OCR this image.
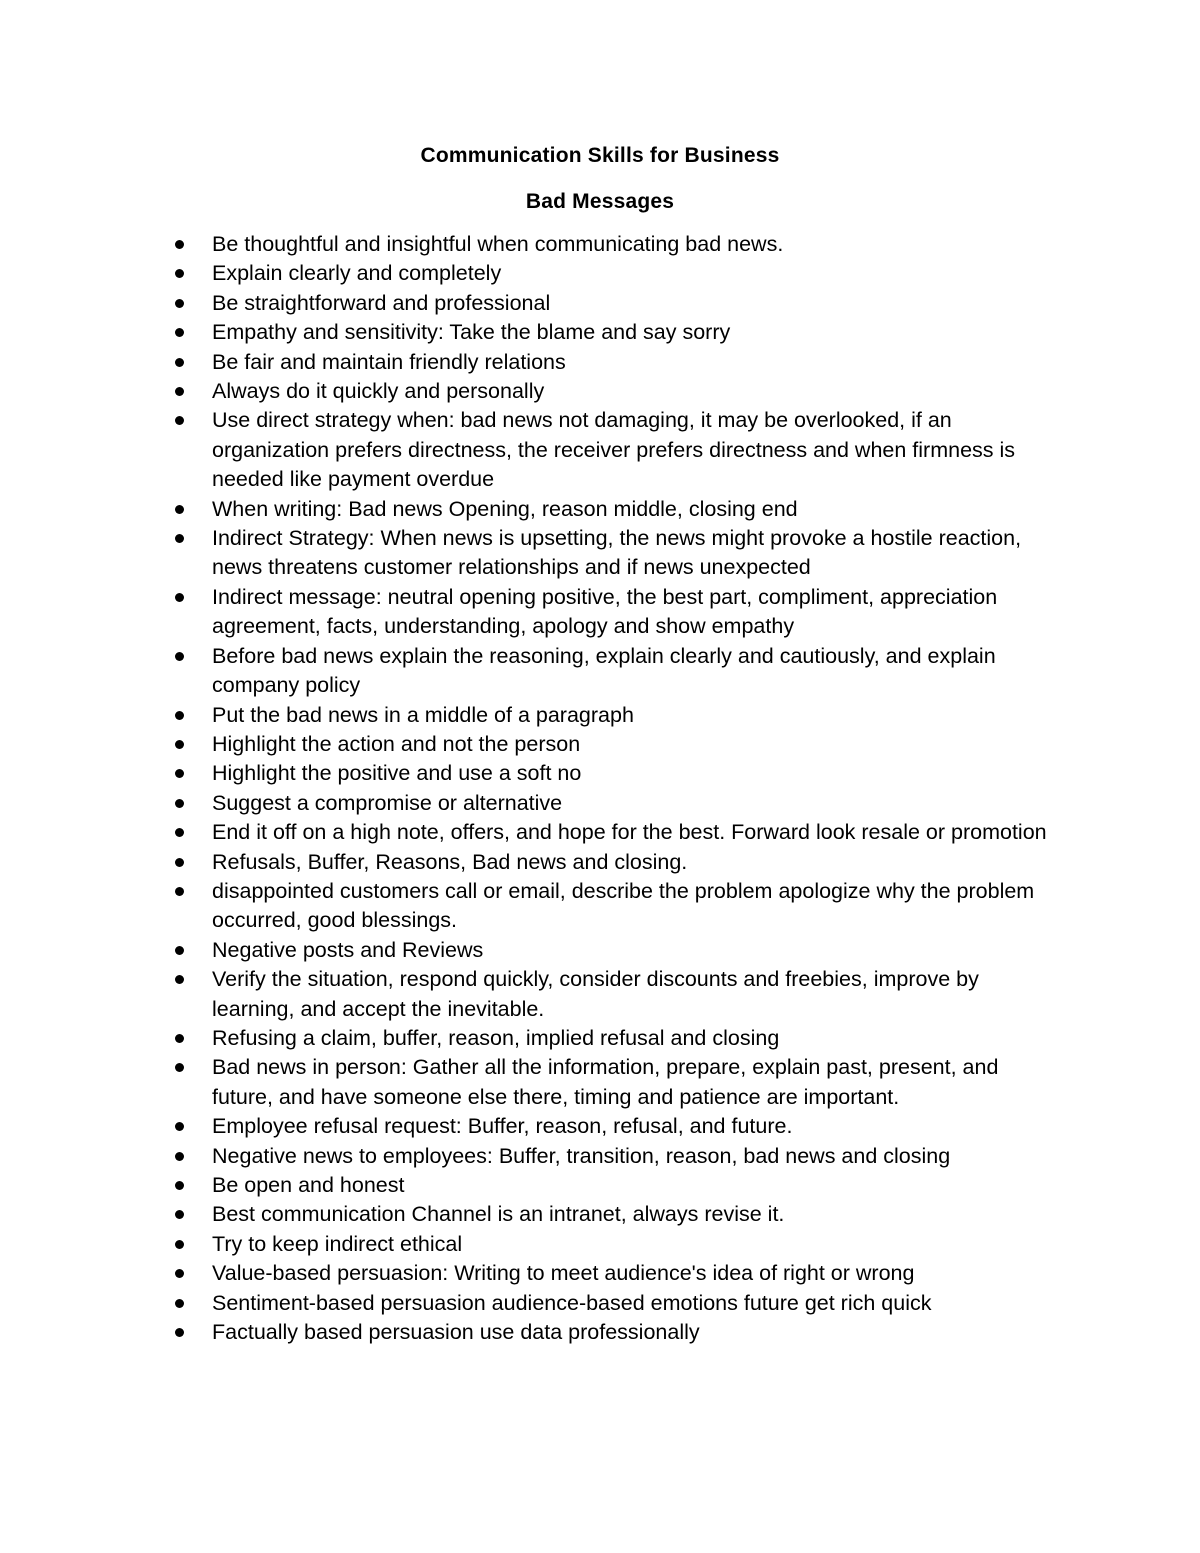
Communication Skills for Business
Bad Messages
Be thoughtful and insightful when communicating bad news.
Explain clearly and completely
Be straightforward and professional
Empathy and sensitivity: Take the blame and say sorry
Be fair and maintain friendly relations
Always do it quickly and personally
Use direct strategy when: bad news not damaging, it may be overlooked, if an organization prefers directness, the receiver prefers directness and when firmness is needed like payment overdue
When writing: Bad news Opening, reason middle, closing end
Indirect Strategy: When news is upsetting, the news might provoke a hostile reaction, news threatens customer relationships and if news unexpected
Indirect message: neutral opening positive, the best part, compliment, appreciation agreement, facts, understanding, apology and show empathy
Before bad news explain the reasoning, explain clearly and cautiously, and explain company policy
Put the bad news in a middle of a paragraph
Highlight the action and not the person
Highlight the positive and use a soft no
Suggest a compromise or alternative
End it off on a high note, offers, and hope for the best. Forward look resale or promotion
Refusals, Buffer, Reasons, Bad news and closing.
disappointed customers call or email, describe the problem apologize why the problem occurred, good blessings.
Negative posts and Reviews
Verify the situation, respond quickly, consider discounts and freebies, improve by learning, and accept the inevitable.
Refusing a claim, buffer, reason, implied refusal and closing
Bad news in person: Gather all the information, prepare, explain past, present, and future, and have someone else there, timing and patience are important.
Employee refusal request: Buffer, reason, refusal, and future.
Negative news to employees: Buffer, transition, reason, bad news and closing
Be open and honest
Best communication Channel is an intranet, always revise it.
Try to keep indirect ethical
Value-based persuasion: Writing to meet audience's idea of right or wrong
Sentiment-based persuasion audience-based emotions future get rich quick
Factually based persuasion use data professionally
